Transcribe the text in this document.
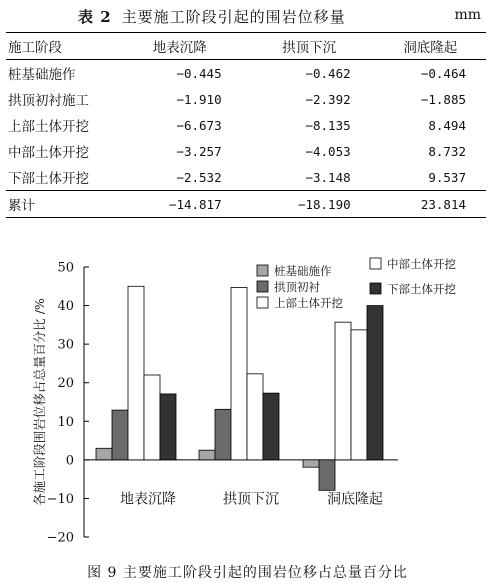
表 2 主要施工阶段引起的围岩位移量	mm
施工阶段	地表沉降	拱顶下沉	洞底隆起
桩基础施作	−0.445	−0.462	−0.464
拱顶初衬施工	−1.910	−2.392	−1.885
上部土体开挖	−6.673	−8.135	8.494
中部土体开挖	−3.257	−4.053	8.732
下部土体开挖	−2.532	−3.148	9.537
累计	−14.817	−18.190	23.814
50
40
30
20
10
0
−10
−20
各施工阶段围岩位移占总量百分比 /%	地表沉降	拱顶下沉	洞底隆起
桩基础施作
拱顶初衬
上部土体开挖
中部土体开挖
下部土体开挖
图 9 主要施工阶段引起的围岩位移占总量百分比
